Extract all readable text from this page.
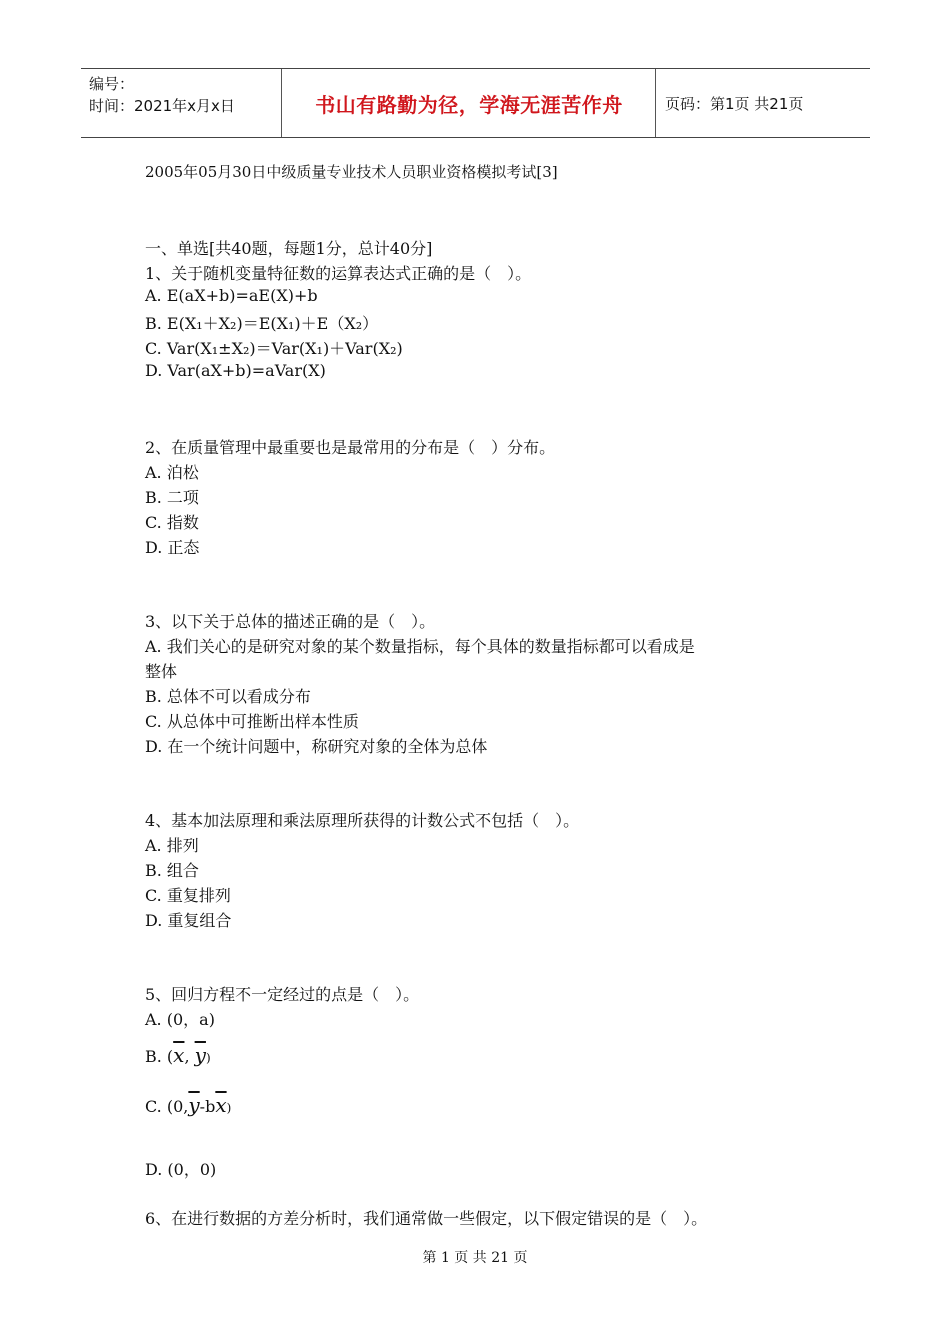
编号：
时间：2021年x月x日	书山有路勤为径，学海无涯苦作舟	页码：第1页 共21页
2005年05月30日中级质量专业技术人员职业资格模拟考试[3]
一、单选[共40题，每题1分，总计40分]
1、关于随机变量特征数的运算表达式正确的是（　）。
A. E(aX+b)=aE(X)+b
B. E(X₁＋X₂)＝E(X₁)＋E（X₂）
C. Var(X₁±X₂)＝Var(X₁)＋Var(X₂)
D. Var(aX+b)=aVar(X)
2、在质量管理中最重要也是最常用的分布是（　）分布。
A. 泊松
B. 二项
C. 指数
D. 正态
3、以下关于总体的描述正确的是（　）。
A. 我们关心的是研究对象的某个数量指标，每个具体的数量指标都可以看成是
整体
B. 总体不可以看成分布
C. 从总体中可推断出样本性质
D. 在一个统计问题中，称研究对象的全体为总体
4、基本加法原理和乘法原理所获得的计数公式不包括（　）。
A. 排列
B. 组合
C. 重复排列
D. 重复组合
5、回归方程不一定经过的点是（　）。
A. (0，a)
B. ($\overline{x}$, $\overline{y}$)
C. $(0,\overline{y}-b\overline{x})$
D. (0，0)
6、在进行数据的方差分析时，我们通常做一些假定，以下假定错误的是（　）。
第 1 页 共 21 页
